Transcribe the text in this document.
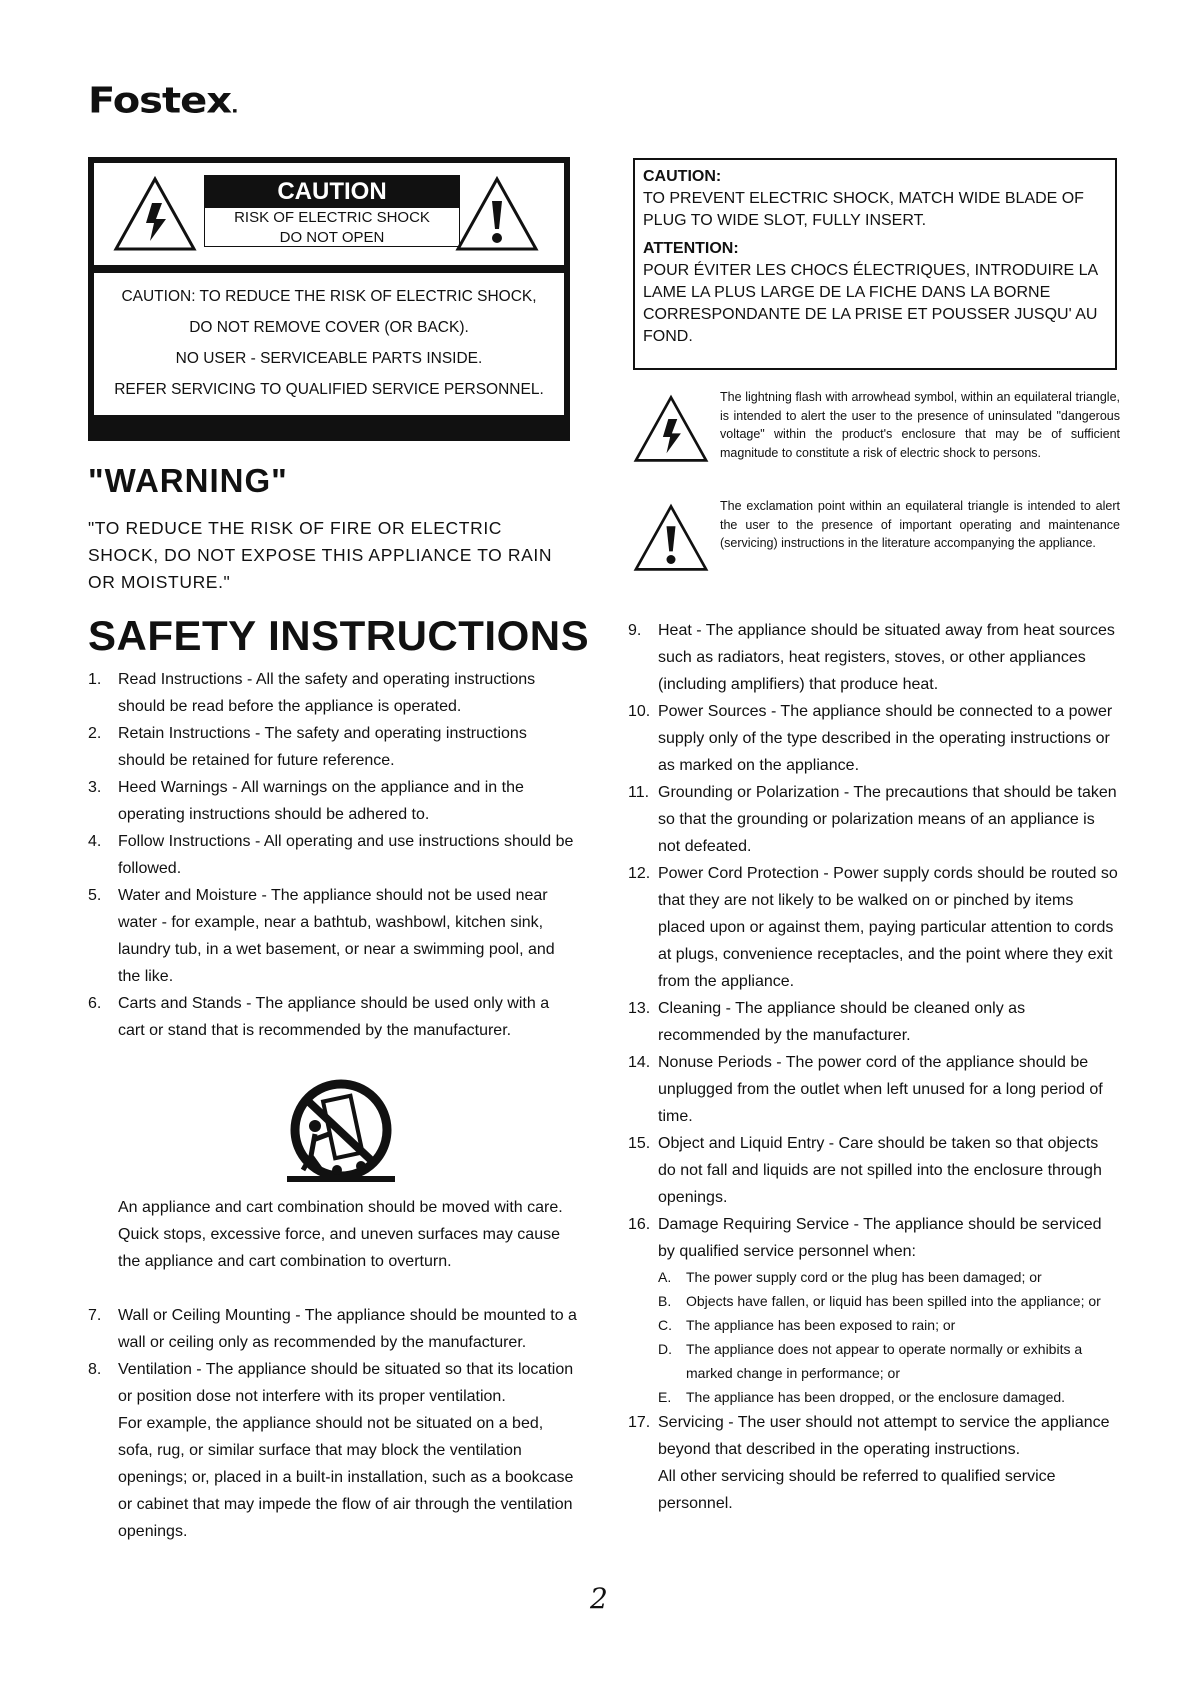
Fostex.
CAUTION
RISK OF ELECTRIC SHOCK
DO NOT OPEN
CAUTION: TO REDUCE THE RISK OF ELECTRIC SHOCK,
DO NOT REMOVE COVER (OR BACK).
NO USER - SERVICEABLE PARTS INSIDE.
REFER SERVICING TO QUALIFIED SERVICE PERSONNEL.
CAUTION:
TO PREVENT ELECTRIC SHOCK, MATCH WIDE BLADE OF PLUG TO WIDE SLOT, FULLY INSERT.
ATTENTION:
POUR ÉVITER LES CHOCS ÉLECTRIQUES, INTRODUIRE LA LAME LA PLUS LARGE DE LA FICHE DANS LA BORNE CORRESPONDANTE DE LA PRISE ET POUSSER JUSQU' AU FOND.
The lightning flash with arrowhead symbol, within an equilateral triangle, is intended to alert the user to the presence of uninsulated "dangerous voltage" within the product's enclosure that may be of sufficient magnitude to constitute a risk of electric shock to persons.
The exclamation point within an equilateral triangle is intended to alert the user to the presence of important operating and maintenance (servicing) instructions in the literature accompanying the appliance.
"WARNING"
"TO REDUCE THE RISK OF FIRE OR ELECTRIC SHOCK, DO NOT EXPOSE THIS APPLIANCE TO RAIN OR MOISTURE."
SAFETY INSTRUCTIONS
1.	Read Instructions - All the safety and operating instructions should be read before the appliance is operated.
2.	Retain Instructions - The safety and operating instructions should be retained for future reference.
3.	Heed Warnings - All warnings on the appliance and in the operating instructions should be adhered to.
4.	Follow Instructions - All operating and use instructions should be followed.
5.	Water and Moisture - The appliance should not be used near water - for example, near a bathtub, washbowl, kitchen sink, laundry tub, in a wet basement, or near a swimming pool, and the like.
6.	Carts and Stands - The appliance should be used only with a cart or stand that is recommended by the manufacturer.
An appliance and cart combination should be moved with care. Quick stops, excessive force, and uneven surfaces may cause the appliance and cart combination to overturn.
7.	Wall or Ceiling Mounting - The appliance should be mounted to a wall or ceiling only as recommended by the manufacturer.
8.	Ventilation - The appliance should be situated so that its location or position dose not interfere with its proper ventilation.
For example, the appliance should not be situated on a bed, sofa, rug, or similar surface that may block the ventilation openings; or, placed in a built-in installation, such as a bookcase or cabinet that may impede the flow of air through the ventilation openings.
9.	Heat - The appliance should be situated away from heat sources such as radiators, heat registers, stoves, or other appliances (including amplifiers) that produce heat.
10. Power Sources - The appliance should be connected to a power supply only of the type described in the operating instructions or as marked on the appliance.
11. Grounding or Polarization - The precautions that should be taken so that the grounding or polarization means of an appliance is not defeated.
12. Power Cord Protection - Power supply cords should be routed so that they are not likely to be walked on or pinched by items placed upon or against them, paying particular attention to cords at plugs, convenience receptacles, and the point where they exit from the appliance.
13. Cleaning - The appliance should be cleaned only as recommended by the manufacturer.
14. Nonuse Periods - The power cord of the appliance should be unplugged from the outlet when left unused for a long period of time.
15. Object and Liquid Entry - Care should be taken so that objects do not fall and liquids are not spilled into the enclosure through openings.
16. Damage Requiring Service - The appliance should be serviced by qualified service personnel when:
A. The power supply cord or the plug has been damaged; or
B. Objects have fallen, or liquid has been spilled into the appliance; or
C. The appliance has been exposed to rain; or
D. The appliance does not appear to operate normally or exhibits a marked change in performance; or
E. The appliance has been dropped, or the enclosure damaged.
17. Servicing - The user should not attempt to service the appliance beyond that described in the operating instructions.
All other servicing should be referred to qualified service personnel.
2
